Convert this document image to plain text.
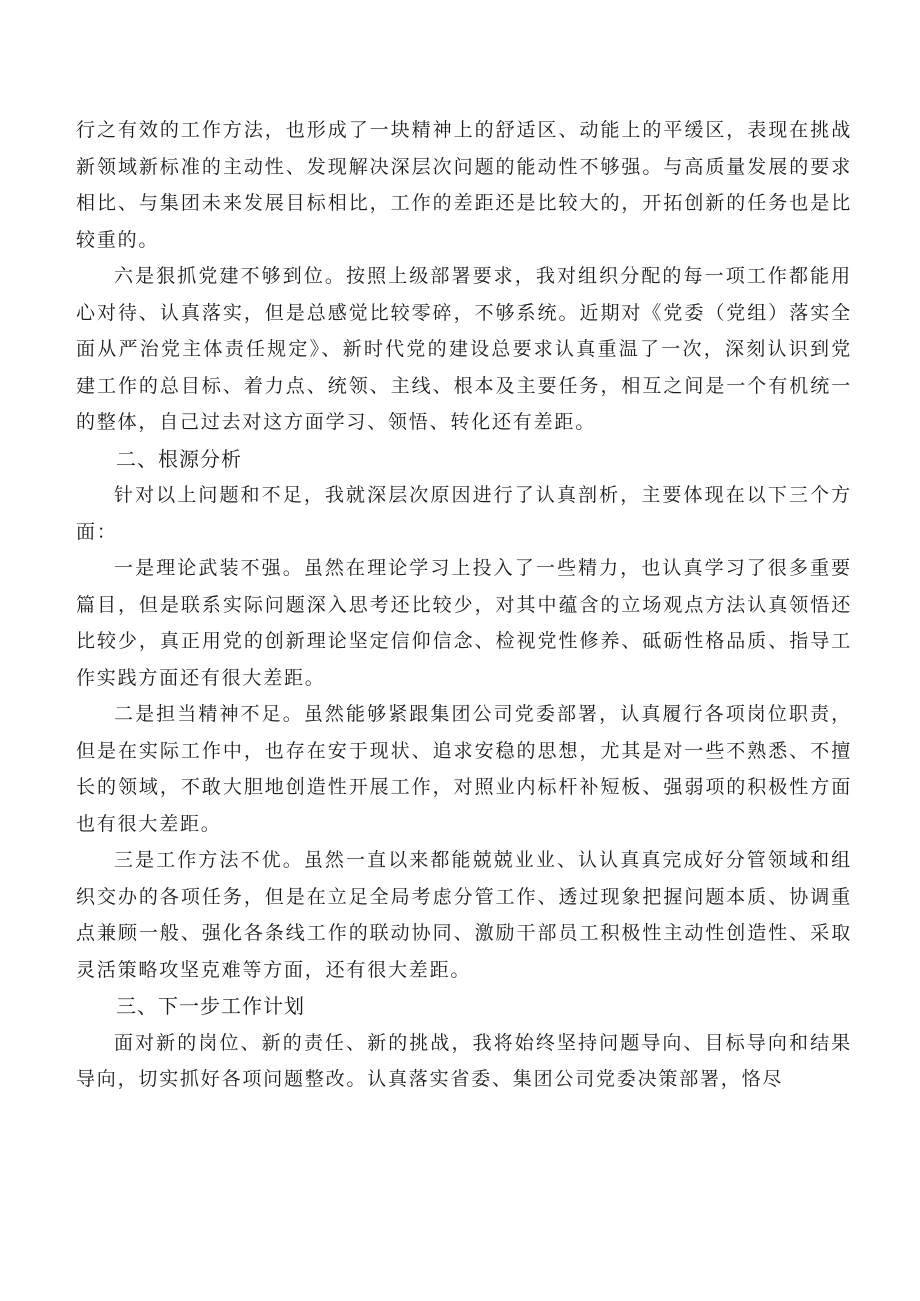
行之有效的工作方法，也形成了一块精神上的舒适区、动能上的平缓区，表现在挑战新领域新标准的主动性、发现解决深层次问题的能动性不够强。与高质量发展的要求相比、与集团未来发展目标相比，工作的差距还是比较大的，开拓创新的任务也是比较重的。

六是狠抓党建不够到位。按照上级部署要求，我对组织分配的每一项工作都能用心对待、认真落实，但是总感觉比较零碎，不够系统。近期对《党委（党组）落实全面从严治党主体责任规定》、新时代党的建设总要求认真重温了一次，深刻认识到党建工作的总目标、着力点、统领、主线、根本及主要任务，相互之间是一个有机统一的整体，自己过去对这方面学习、领悟、转化还有差距。

二、根源分析

针对以上问题和不足，我就深层次原因进行了认真剖析，主要体现在以下三个方面：

一是理论武装不强。虽然在理论学习上投入了一些精力，也认真学习了很多重要篇目，但是联系实际问题深入思考还比较少，对其中蕴含的立场观点方法认真领悟还比较少，真正用党的创新理论坚定信仰信念、检视党性修养、砥砺性格品质、指导工作实践方面还有很大差距。

二是担当精神不足。虽然能够紧跟集团公司党委部署，认真履行各项岗位职责，但是在实际工作中，也存在安于现状、追求安稳的思想，尤其是对一些不熟悉、不擅长的领域，不敢大胆地创造性开展工作，对照业内标杆补短板、强弱项的积极性方面也有很大差距。

三是工作方法不优。虽然一直以来都能兢兢业业、认认真真完成好分管领域和组织交办的各项任务，但是在立足全局考虑分管工作、透过现象把握问题本质、协调重点兼顾一般、强化各条线工作的联动协同、激励干部员工积极性主动性创造性、采取灵活策略攻坚克难等方面，还有很大差距。

三、下一步工作计划

面对新的岗位、新的责任、新的挑战，我将始终坚持问题导向、目标导向和结果导向，切实抓好各项问题整改。认真落实省委、集团公司党委决策部署，恪尽
